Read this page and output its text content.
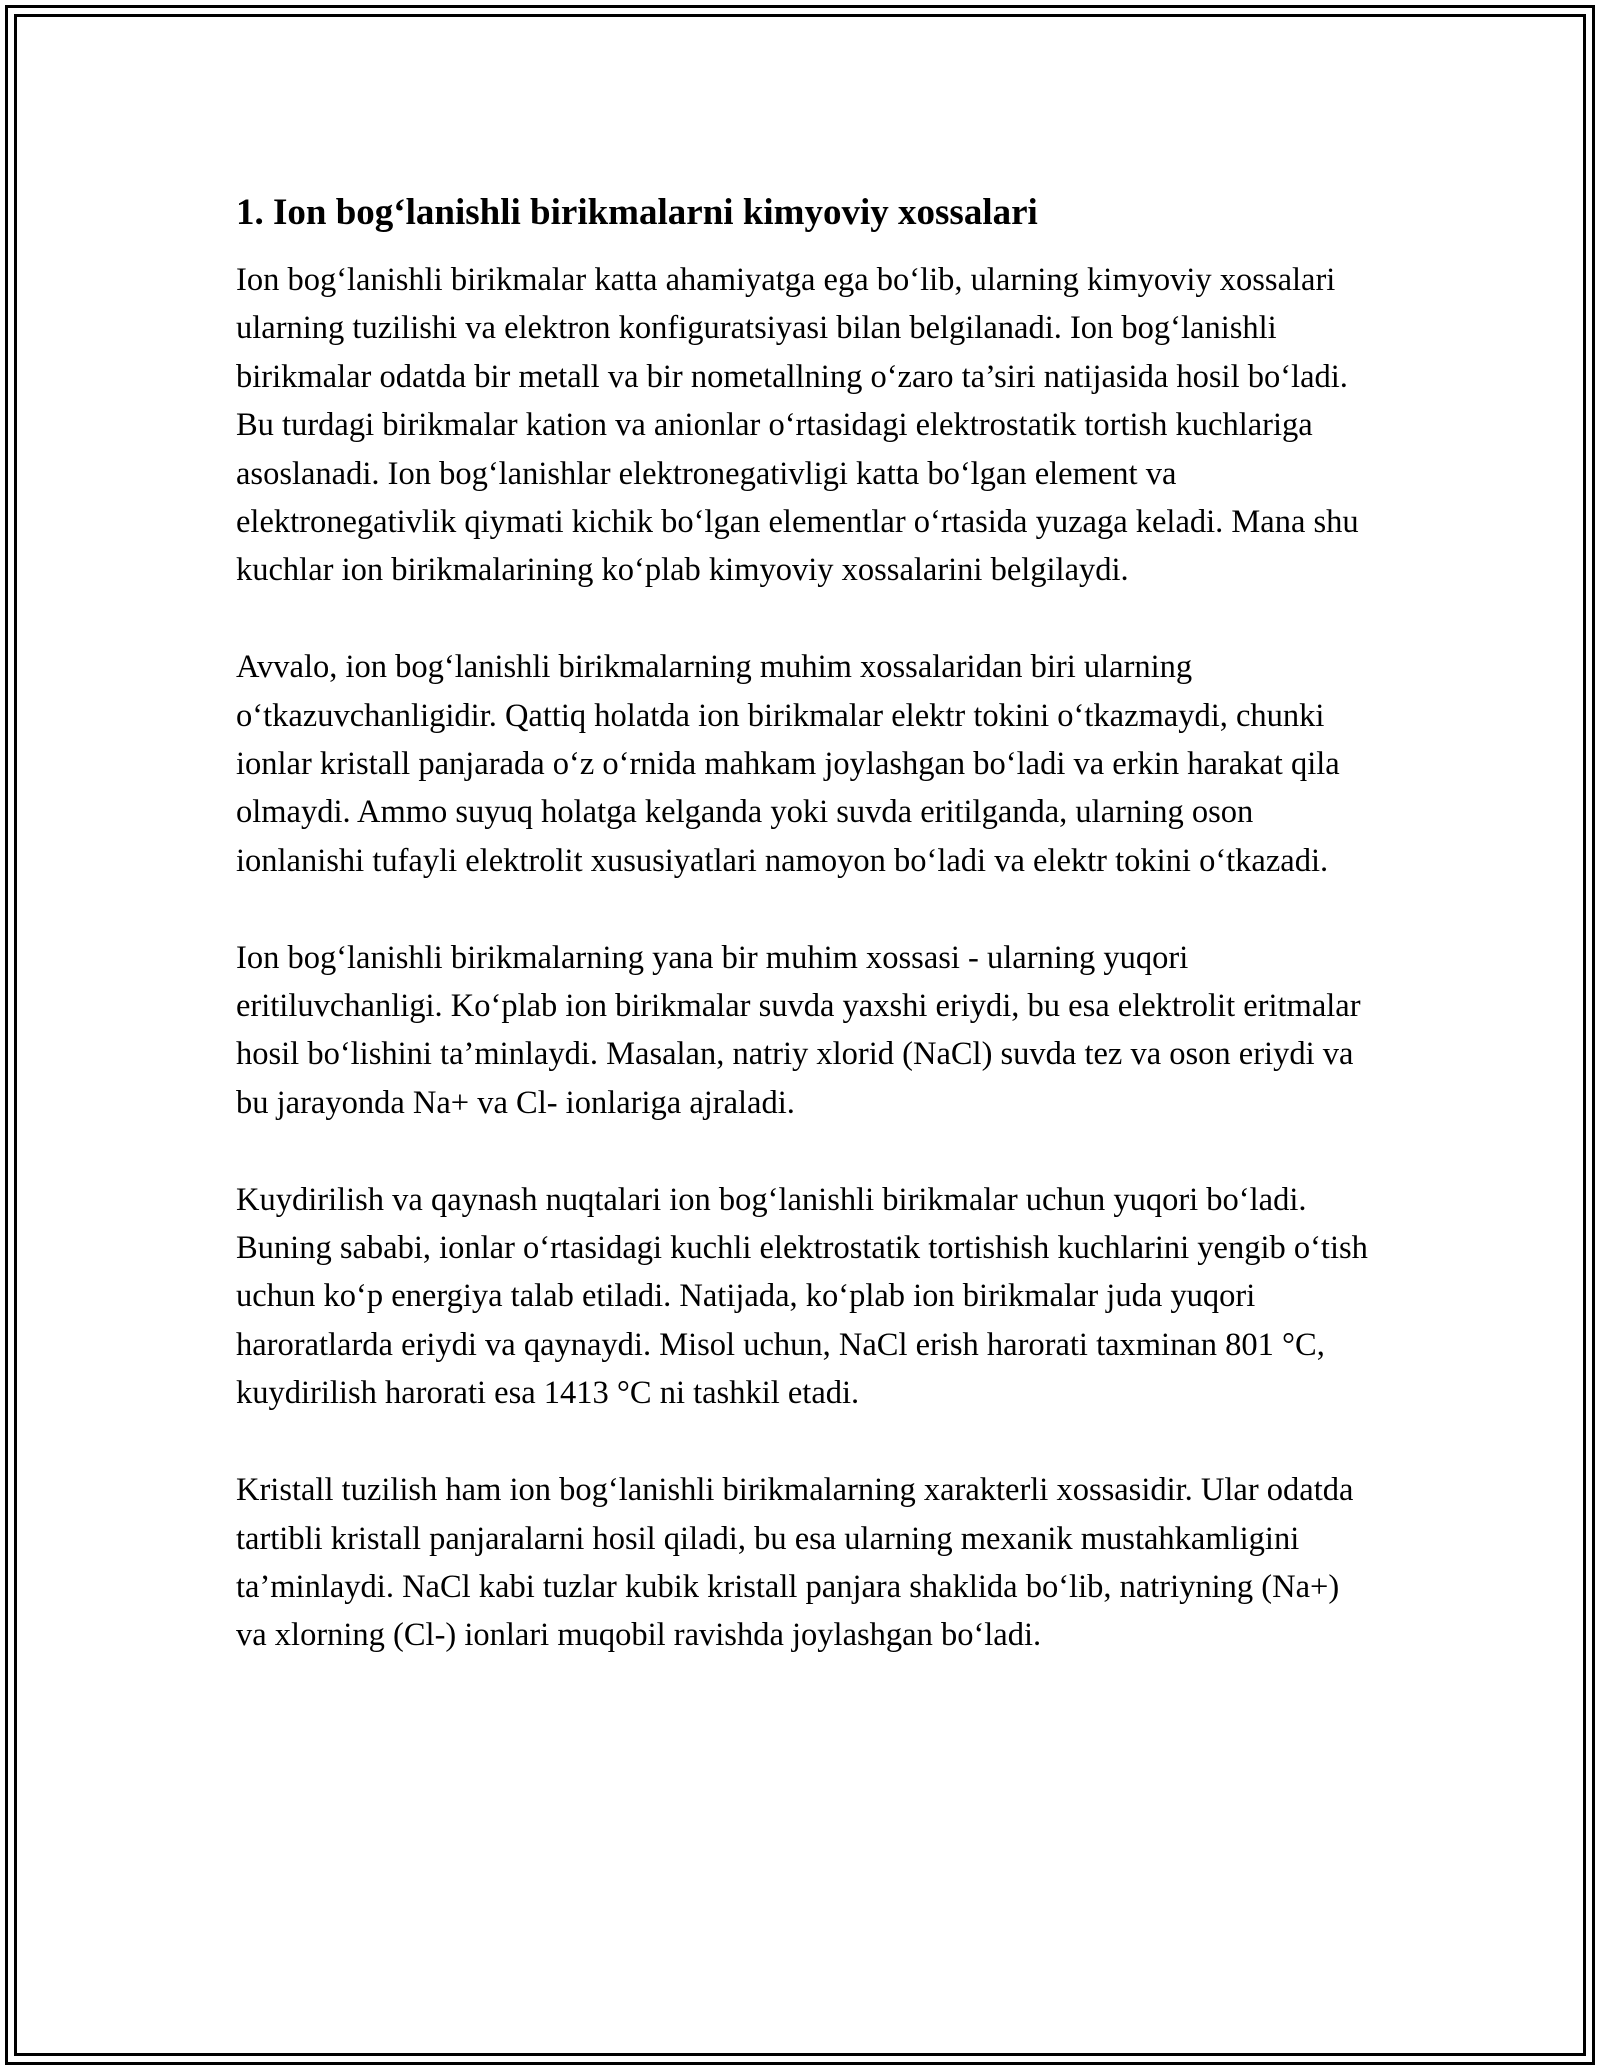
1. Ion bog‘lanishli birikmalarni kimyoviy xossalari

Ion bog‘lanishli birikmalar katta ahamiyatga ega bo‘lib, ularning kimyoviy xossalari ularning tuzilishi va elektron konfiguratsiyasi bilan belgilanadi. Ion bog‘lanishli birikmalar odatda bir metall va bir nometallning o‘zaro ta’siri natijasida hosil bo‘ladi. Bu turdagi birikmalar kation va anionlar o‘rtasidagi elektrostatik tortish kuchlariga asoslanadi. Ion bog‘lanishlar elektronegativligi katta bo‘lgan element va elektronegativlik qiymati kichik bo‘lgan elementlar o‘rtasida yuzaga keladi. Mana shu kuchlar ion birikmalarining ko‘plab kimyoviy xossalarini belgilaydi.

Avvalo, ion bog‘lanishli birikmalarning muhim xossalaridan biri ularning o‘tkazuvchanligidir. Qattiq holatda ion birikmalar elektr tokini o‘tkazmaydi, chunki ionlar kristall panjarada o‘z o‘rnida mahkam joylashgan bo‘ladi va erkin harakat qila olmaydi. Ammo suyuq holatga kelganda yoki suvda eritilganda, ularning oson ionlanishi tufayli elektrolit xususiyatlari namoyon bo‘ladi va elektr tokini o‘tkazadi.

Ion bog‘lanishli birikmalarning yana bir muhim xossasi - ularning yuqori eritiluvchanligi. Ko‘plab ion birikmalar suvda yaxshi eriydi, bu esa elektrolit eritmalar hosil bo‘lishini ta’minlaydi. Masalan, natriy xlorid (NaCl) suvda tez va oson eriydi va bu jarayonda Na+ va Cl- ionlariga ajraladi.

Kuydirilish va qaynash nuqtalari ion bog‘lanishli birikmalar uchun yuqori bo‘ladi. Buning sababi, ionlar o‘rtasidagi kuchli elektrostatik tortishish kuchlarini yengib o‘tish uchun ko‘p energiya talab etiladi. Natijada, ko‘plab ion birikmalar juda yuqori haroratlarda eriydi va qaynaydi. Misol uchun, NaCl erish harorati taxminan 801 °C, kuydirilish harorati esa 1413 °C ni tashkil etadi.

Kristall tuzilish ham ion bog‘lanishli birikmalarning xarakterli xossasidir. Ular odatda tartibli kristall panjaralarni hosil qiladi, bu esa ularning mexanik mustahkamligini ta’minlaydi. NaCl kabi tuzlar kubik kristall panjara shaklida bo‘lib, natriyning (Na+) va xlorning (Cl-) ionlari muqobil ravishda joylashgan bo‘ladi.
